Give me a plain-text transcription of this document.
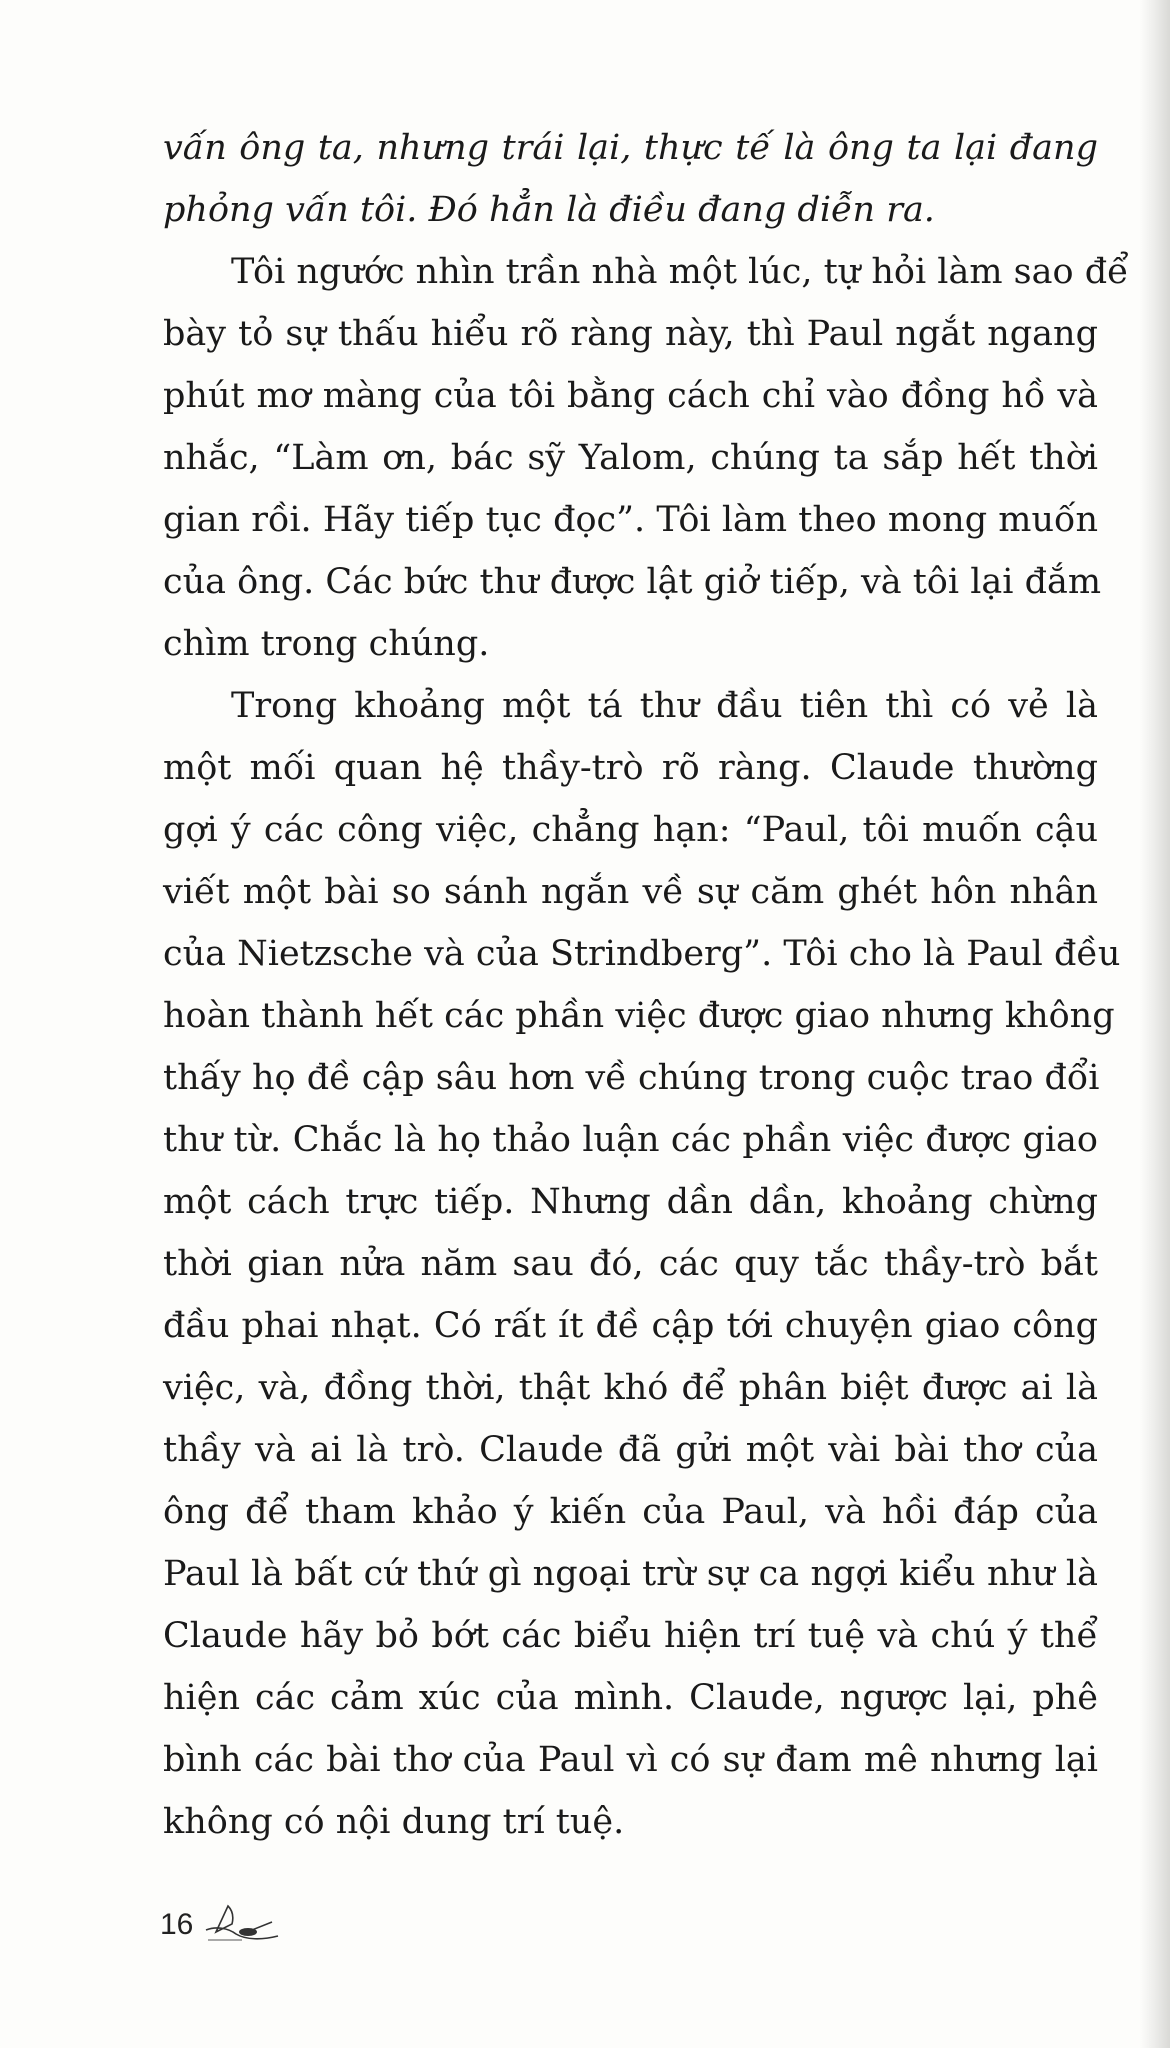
vấn ông ta, nhưng trái lại, thực tế là ông ta lại đang
phỏng vấn tôi. Đó hẳn là điều đang diễn ra.
Tôi ngước nhìn trần nhà một lúc, tự hỏi làm sao để
bày tỏ sự thấu hiểu rõ ràng này, thì Paul ngắt ngang
phút mơ màng của tôi bằng cách chỉ vào đồng hồ và
nhắc, “Làm ơn, bác sỹ Yalom, chúng ta sắp hết thời
gian rồi. Hãy tiếp tục đọc”. Tôi làm theo mong muốn
của ông. Các bức thư được lật giở tiếp, và tôi lại đắm
chìm trong chúng.
Trong khoảng một tá thư đầu tiên thì có vẻ là
một mối quan hệ thầy-trò rõ ràng. Claude thường
gợi ý các công việc, chẳng hạn: “Paul, tôi muốn cậu
viết một bài so sánh ngắn về sự căm ghét hôn nhân
của Nietzsche và của Strindberg”. Tôi cho là Paul đều
hoàn thành hết các phần việc được giao nhưng không
thấy họ đề cập sâu hơn về chúng trong cuộc trao đổi
thư từ. Chắc là họ thảo luận các phần việc được giao
một cách trực tiếp. Nhưng dần dần, khoảng chừng
thời gian nửa năm sau đó, các quy tắc thầy-trò bắt
đầu phai nhạt. Có rất ít đề cập tới chuyện giao công
việc, và, đồng thời, thật khó để phân biệt được ai là
thầy và ai là trò. Claude đã gửi một vài bài thơ của
ông để tham khảo ý kiến của Paul, và hồi đáp của
Paul là bất cứ thứ gì ngoại trừ sự ca ngợi kiểu như là
Claude hãy bỏ bớt các biểu hiện trí tuệ và chú ý thể
hiện các cảm xúc của mình. Claude, ngược lại, phê
bình các bài thơ của Paul vì có sự đam mê nhưng lại
không có nội dung trí tuệ.
16
